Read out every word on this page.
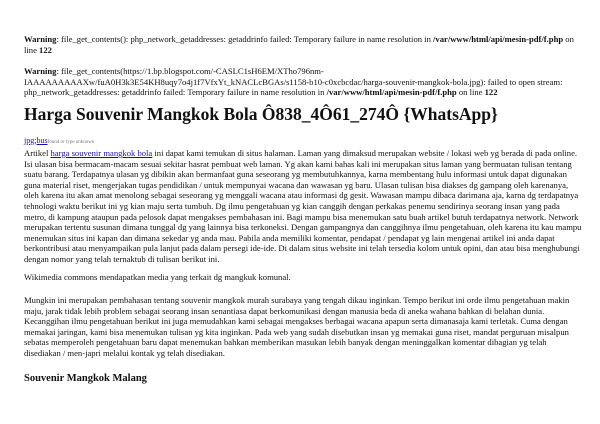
Warning: file_get_contents(): php_network_getaddresses: getaddrinfo failed: Temporary failure in name resolution in /var/www/html/api/mesin-pdf/f.php on line 122

Warning: file_get_contents(https://1.bp.blogspot.com/-CASLC1sH6EM/XTho796nm-IAAAAAAAAAXw/fuA0H3k3E54KH8uqy7o4j1f7VfxYt_kNACLcBGAs/s1158-b10-c0xcbcdac/harga-souvenir-mangkok-bola.jpg): failed to open stream: php_network_getaddresses: getaddrinfo failed: Temporary failure in name resolution in /var/www/html/api/mesin-pdf/f.php on line 122

Harga Souvenir Mangkok Bola Ô838_4Ô61_274Ô {WhatsApp}
jpg;busfound or type unknown

Artikel harga souvenir mangkok bola ini dapat kami temukan di situs halaman. Laman yang dimaksud merupakan website / lokasi web yg berada di pada online. Isi ulasan bisa bermacam-macam sesuai sekitar hasrat pembuat web laman. Yg akan kami bahas kali ini merupakan situs laman yang bermuatan tulisan tentang suatu barang. Terdapatnya ulasan yg dibikin akan bermanfaat guna seseorang yg membutuhkannya, karna membentang hulu informasi untuk dapat digunakan guna material riset, mengerjakan tugas pendidikan / untuk mempunyai wacana dan wawasan yg baru. Ulasan tulisan bisa diakses dg gampang oleh karenanya, oleh karena itu akan amat menolong sebagai seseorang yg menggali wacana atau informasi dg gesit. Wawasan mampu dibaca darimana aja, karna dg terdapatnya tehnologi waktu berikut ini yg kian maju serta tumbuh. Dg ilmu pengetahuan yg kian canggih dengan perkakas penemu sendirinya seorang insan yang pada metro, di kampung ataupun pada pelosok dapat mengakses pembahasan ini. Bagi mampu bisa menemukan satu buah artikel butuh terdapatnya network. Network merupakan tertentu susunan dimana tunggal dg yang lainnya bisa terkoneksi. Dengan gampangnya dan canggihnya ilmu pengetahuan, oleh karena itu kau mampu menemukan situs ini kapan dan dimana sekedar yg anda mau. Pabila anda memiliki komentar, pendapat / pendapat yg lain mengenai artikel ini anda dapat berkontribusi atau menyampaikan pula lanjut pada dalam persegi ide-ide. Di dalam situs website ini telah tersedia kolom untuk opini, dan atau bisa menghubungi dengan nomor yang telah ternaktub di tulisan berikut ini.

Wikimedia commons mendapatkan media yang terkait dg mangkuk komunal.

Mungkin ini merupakan pembahasan tentang souvenir mangkok murah surabaya yang tengah dikau inginkan. Tempo berikut ini orde ilmu pengetahuan makin maju, jarak tidak lebih problem sebagai seorang insan senantiasa dapat berkomunikasi dengan manusia beda di aneka wahana bahkan di belahan dunia. Kecanggihan ilmu pengetahuan berikut ini juga memudahkan kami sebagai mengakses berbagai wacana apapun serta dimanasaja kami terletak. Cuma dengan memakai jaringan, kami bisa menemukan tulisan yg kita inginkan. Pada web yang sudah disebutkan insan yg memakai guna riset, mandat perguruan misalpun sebatas memperoleh pengetahuan baru dapat menemukan bahkan memberikan masukan lebih banyak dengan meninggalkan komentar dibagian yg telah disediakan / men-japri melalui kontak yg telah disediakan.

Souvenir Mangkok Malang
